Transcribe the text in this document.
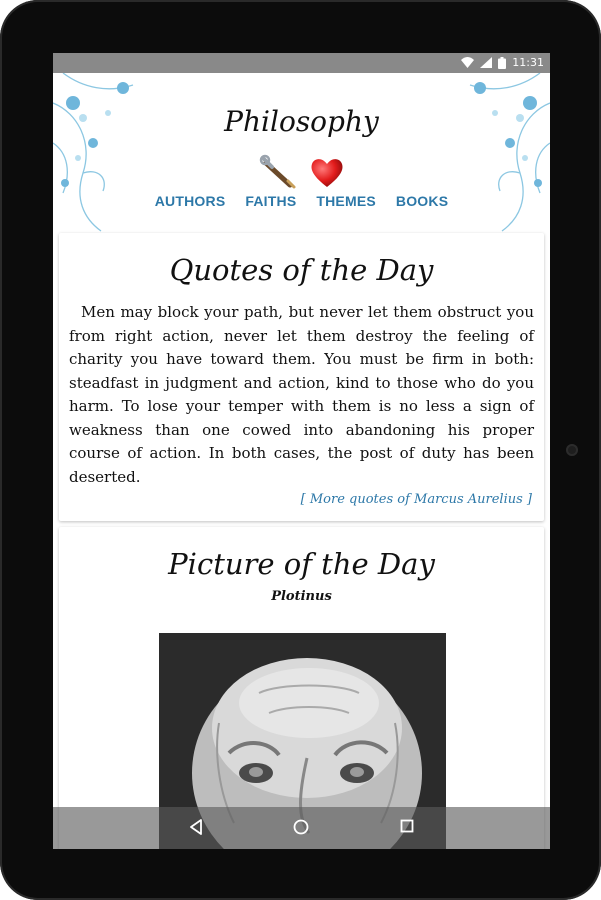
Philosophy
AUTHORS FAITHS THEMES BOOKS
Quotes of the Day
Men may block your path, but never let them obstruct you from right action, never let them destroy the feeling of charity you have toward them. You must be firm in both: steadfast in judgment and action, kind to those who do you harm. To lose your temper with them is no less a sign of weakness than one cowed into abandoning his proper course of action. In both cases, the post of duty has been deserted.
[ More quotes of Marcus Aurelius ]
Picture of the Day
Plotinus
11:31
